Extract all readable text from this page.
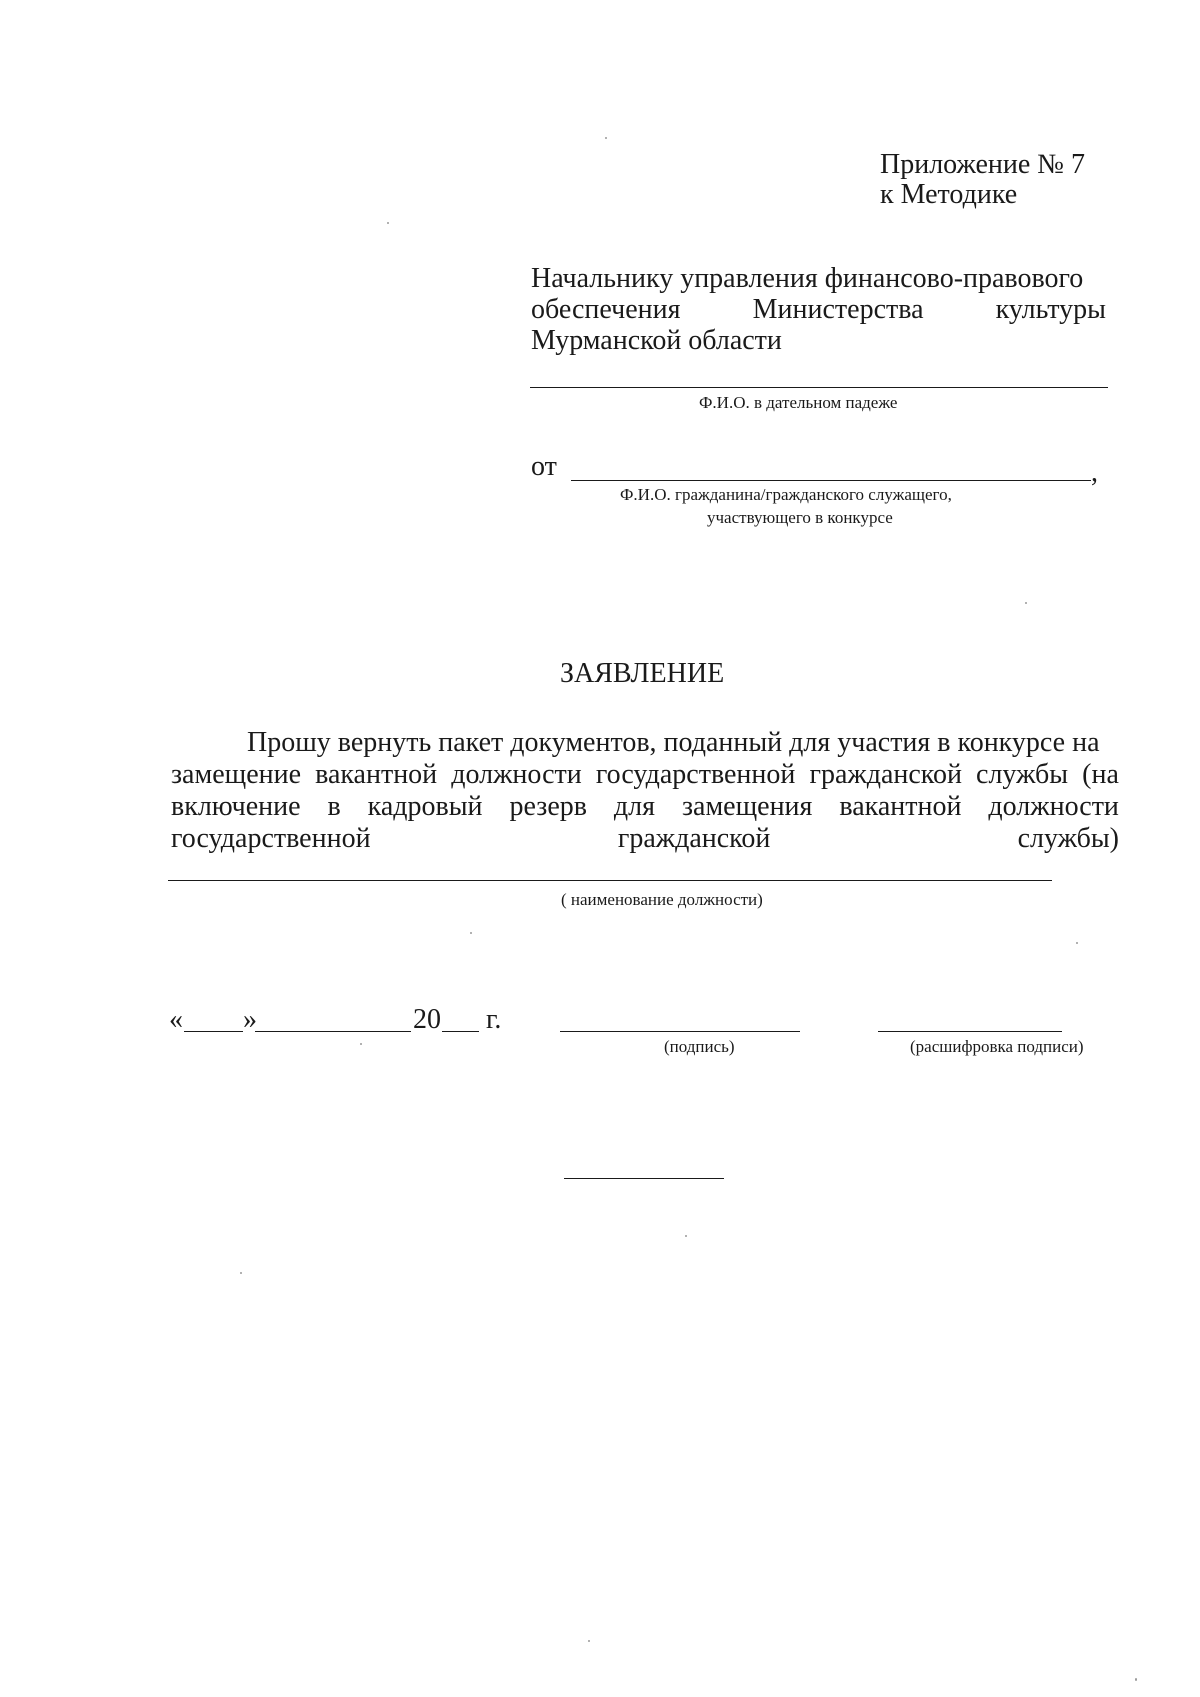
Приложение № 7
к Методике
Начальнику управления финансово-правового
обеспечения	Министерства	культуры
Мурманской области
Ф.И.О. в дательном падеже
от	,
Ф.И.О. гражданина/гражданского служащего,
участвующего в конкурсе
ЗАЯВЛЕНИЕ
Прошу вернуть пакет документов, поданный для участия в конкурсе на
замещение вакантной должности государственной гражданской службы (на
включение в кадровый резерв для замещения вакантной должности
государственной	гражданской	службы)
( наименование должности)
« »	20 г.
(подпись)	(расшифровка подписи)
